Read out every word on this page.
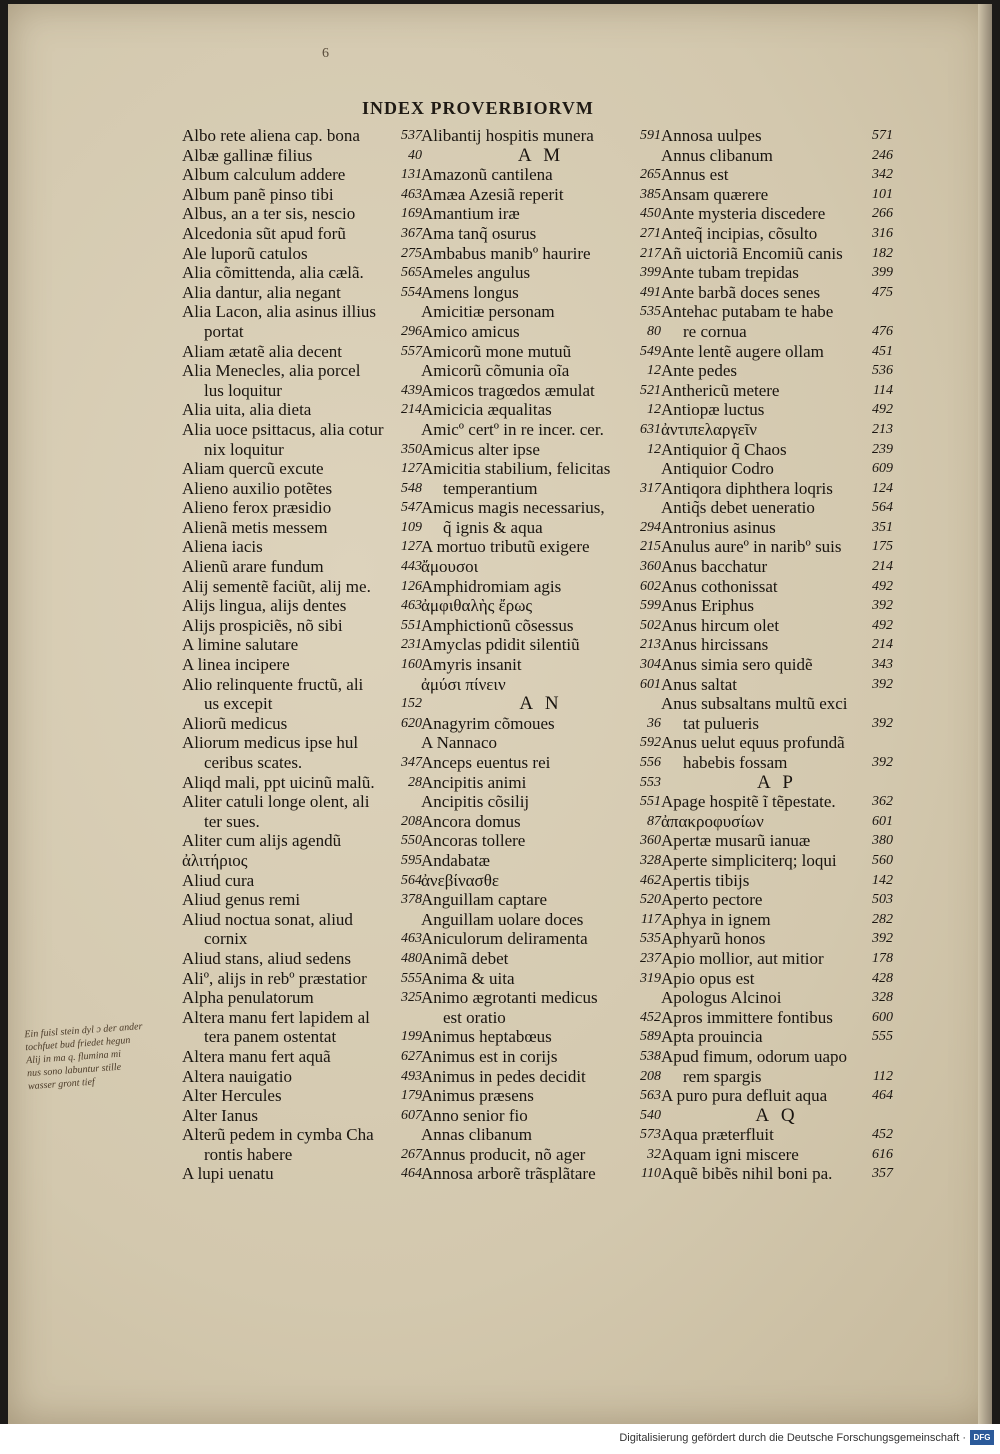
6
INDEX PROVERBIORVM
Albo rete aliena cap. bona	537
Albæ gallinæ filius	40
Album calculum addere	131
Album panẽ pinso tibi	463
Albus, an a ter sis, nescio	169
Alcedonia sũt apud forũ	367
Ale luporũ catulos	275
Alia cõmittenda, alia cælã.	565
Alia dantur, alia negant	554
Alia Lacon, alia asinus illius
portat	296
Aliam ætatẽ alia decent	557
Alia Menecles, alia porcel
lus loquitur	439
Alia uita, alia dieta	214
Alia uoce psittacus, alia cotur
nix loquitur	350
Aliam quercũ excute	127
Alieno auxilio potẽtes	548
Alieno ferox præsidio	547
Alienã metis messem	109
Aliena iacis	127
Alienũ arare fundum	443
Alij sementẽ faciũt, alij me. 126
Alijs lingua, alijs dentes	463
Alijs prospiciẽs, nõ sibi	551
A limine salutare	231
A linea incipere	160
Alio relinquente fructũ, ali
us excepit	152
Aliorũ medicus	620
Aliorum medicus ipse hul
ceribus scates.	347
Aliqd mali, ppt uicinũ malũ. 28
Aliter catuli longe olent, ali
ter sues.	208
Aliter cum alijs agendũ	550
ἀλιτήριος	595
Aliud cura	564
Aliud genus remi	378
Aliud noctua sonat, aliud
cornix	463
Aliud stans, aliud sedens	480
Aliº, alijs in rebº præstatior 555
Alpha penulatorum	325
Altera manu fert lapidem al
tera panem ostentat	199
Altera manu fert aquã	627
Altera nauigatio	493
Alter Hercules	179
Alter Ianus	607
Alterũ pedem in cymba Cha
rontis habere	267
A lupi uenatu	464
Alibantij hospitis munera	591
A M
Amazonũ cantilena	265
Amæa Azesiã reperit	385
Amantium iræ	450
Ama tanq̃ osurus	271
Ambabus manibº haurire	217
Ameles angulus	399
Amens longus	491
Amicitiæ personam	535
Amico amicus	80
Amicorũ mone mutuũ	549
Amicorũ cõmunia oĩa	12
Amicos tragœdos æmulat	521
Amicicia æqualitas	12
Amicº certº in re incer. cer.	631
Amicus alter ipse	12
Amicitia stabilium, felicitas
temperantium	317
Amicus magis necessarius,
q̃ ignis & aqua	294
A mortuo tributũ exigere	215
ἄμουσοι	360
Amphidromiam agis	602
ἀμφιθαλὴς ἔρως	599
Amphictionũ cõsessus	502
Amyclas pdidit silentiũ	213
Amyris insanit	304
ἀμύσι πίνειν	601
A N
Anagyrim cõmoues	36
A Nannaco	592
Anceps euentus rei	556
Ancipitis animi	553
Ancipitis cõsilij	551
Ancora domus	87
Ancoras tollere	360
Andabatæ	328
ἀνεβίνασθε	462
Anguillam captare	520
Anguillam uolare doces	117
Aniculorum deliramenta	535
Animã debet	237
Anima & uita	319
Animo ægrotanti medicus
est oratio	452
Animus heptabœus	589
Animus est in corijs	538
Animus in pedes decidit	208
Animus præsens	563
Anno senior fio	540
Annas clibanum	573
Annus producit, nõ ager	32
Annosa arborẽ trãsplãtare	110
Annosa uulpes	571
Annus clibanum	246
Annus est	342
Ansam quærere	101
Ante mysteria discedere	266
Anteq̃ incipias, cõsulto	316
Añ uictoriã Encomiũ canis 182
Ante tubam trepidas	399
Ante barbã doces senes	475
Antehac putabam te habe
re cornua	476
Ante lentẽ augere ollam	451
Ante pedes	536
Anthericũ metere	114
Antiopæ luctus	492
ἀντιπελαργεῖν	213
Antiquior q̃ Chaos	239
Antiquior Codro	609
Antiqora diphthera loqris	124
Antiq̃s debet ueneratio	564
Antronius asinus	351
Anulus aureº in naribº suis 175
Anus bacchatur	214
Anus cothonissat	492
Anus Eriphus	392
Anus hircum olet	492
Anus hircissans	214
Anus simia sero quidẽ	343
Anus saltat	392
Anus subsaltans multũ exci
tat pulueris	392
Anus uelut equus profundã
habebis fossam	392
A P
Apage hospitẽ ĩ tẽpestate.	362
ἀπακροφυσίων	601
Apertæ musarũ ianuæ	380
Aperte simpliciterq; loqui	560
Apertis tibijs	142
Aperto pectore	503
Aphya in ignem	282
Aphyarũ honos	392
Apio mollior, aut mitior	178
Apio opus est	428
Apologus Alcinoi	328
Apros immittere fontibus	600
Apta prouincia	555
Apud fimum, odorum uapo
rem spargis	112
A puro pura defluit aqua	464
A Q
Aqua præterfluit	452
Aquam igni miscere	616
Aquẽ bibẽs nihil boni pa.	357
Ein fuisl stein dyl ɔ der ander
tochfuet bud friedet hegun
Alij in ma q. flumina mi
nus sono labuntur stille
wasser gront tief
Digitalisierung gefördert durch die Deutsche Forschungsgemeinschaft · DFG
